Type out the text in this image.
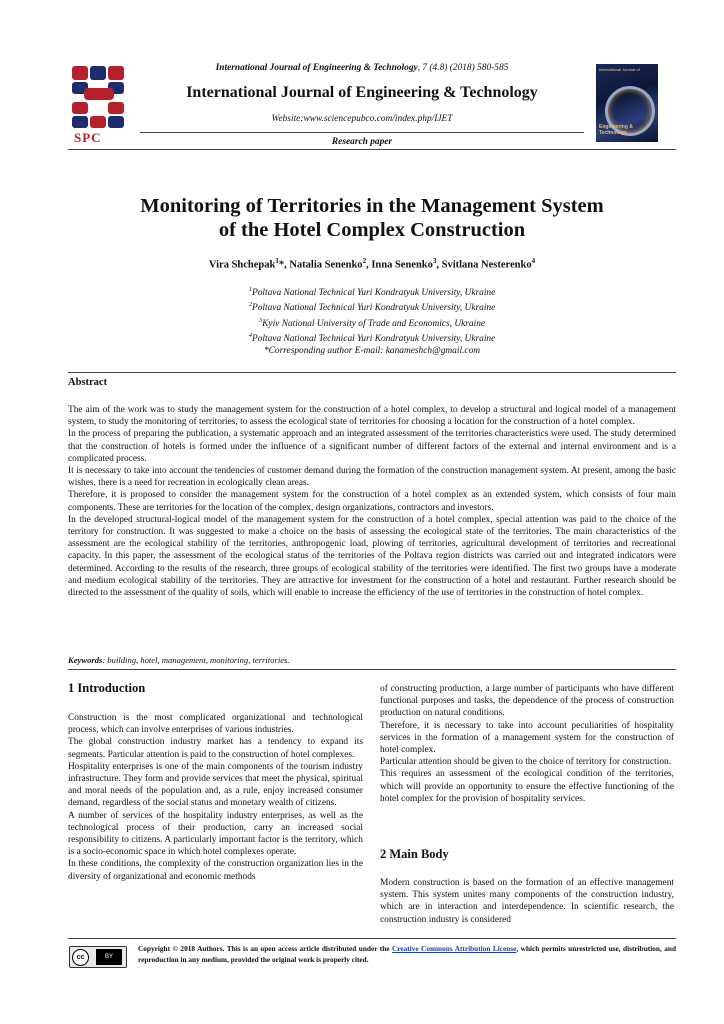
International Journal of Engineering & Technology, 7 (4.8) (2018) 580-585
SPC
International Journal of Engineering & Technology
Website:www.sciencepubco.com/index.php/IJET
International Journal of
Engineering & Technology
Research paper
Monitoring of Territories in the Management System
of the Hotel Complex Construction
Vira Shchepak$^1$*, Natalia Senenko$^2$, Inna Senenko$^3$, Svitlana Nesterenko$^4$
$^1$Poltava National Technical Yuri Kondratyuk University, Ukraine
$^2$Poltava National Technical Yuri Kondratyuk University, Ukraine
$^3$Kyiv National University of Trade and Economics, Ukraine
$^4$Poltava National Technical Yuri Kondratyuk University, Ukraine
*Corresponding author E-mail: kanameshch@gmail.com
Abstract

The aim of the work was to study the management system for the construction of a hotel complex, to develop a structural and logical model of a management system, to study the monitoring of territories, to assess the ecological state of territories for choosing a location for the construction of a hotel complex.

In the process of preparing the publication, a systematic approach and an integrated assessment of the territories characteristics were used. The study determined that the construction of hotels is formed under the influence of a significant number of different factors of the external and internal environment and is a complicated process.

It is necessary to take into account the tendencies of customer demand during the formation of the construction management system. At present, among the basic wishes, there is a need for recreation in ecologically clean areas.

Therefore, it is proposed to consider the management system for the construction of a hotel complex as an extended system, which consists of four main components. These are territories for the location of the complex, design organizations, contractors and investors.

In the developed structural-logical model of the management system for the construction of a hotel complex, special attention was paid to the choice of the territory for construction. It was suggested to make a choice on the basis of assessing the ecological state of the territories. The main characteristics of the assessment are the ecological stability of the territories, anthropogenic load, plowing of territories, agricultural development of territories and recreational capacity. In this paper, the assessment of the ecological status of the territories of the Poltava region districts was carried out and integrated indicators were determined. According to the results of the research, three groups of ecological stability of the territories were identified. The first two groups have a moderate and medium ecological stability of the territories. They are attractive for investment for the construction of a hotel and restaurant. Further research should be directed to the assessment of the quality of soils, which will enable to increase the efficiency of the use of territories in the construction of hotel complex.

Keywords: building, hotel, management, monitoring, territories.
1 Introduction

Construction is the most complicated organizational and technological process, which can involve enterprises of various industries.

The global construction industry market has a tendency to expand its segments. Particular attention is paid to the construction of hotel complexes.

Hospitality enterprises is one of the main components of the tourism industry infrastructure. They form and provide services that meet the physical, spiritual and moral needs of the population and, as a rule, enjoy increased consumer demand, regardless of the social status and monetary wealth of citizens.

A number of services of the hospitality industry enterprises, as well as the technological process of their production, carry an increased social responsibility to citizens. A particularly important factor is the territory, which is a socio-economic space in which hotel complexes operate.

In these conditions, the complexity of the construction organization lies in the diversity of organizational and economic methods

of constructing production, a large number of participants who have different functional purposes and tasks, the dependence of the process of construction production on natural conditions.

Therefore, it is necessary to take into account peculiarities of hospitality services in the formation of a management system for the construction of hotel complex.

Particular attention should be given to the choice of territory for construction.

This requires an assessment of the ecological condition of the territories, which will provide an opportunity to ensure the effective functioning of the hotel complex for the provision of hospitality services.

2 Main Body

Modern construction is based on the formation of an effective management system. This system unites many components of the construction industry, which are in interaction and interdependence. In scientific research, the construction industry is considered

cc	BY
Copyright © 2018 Authors. This is an open access article distributed under the Creative Commons Attribution License, which permits unrestricted use, distribution, and reproduction in any medium, provided the original work is properly cited.
